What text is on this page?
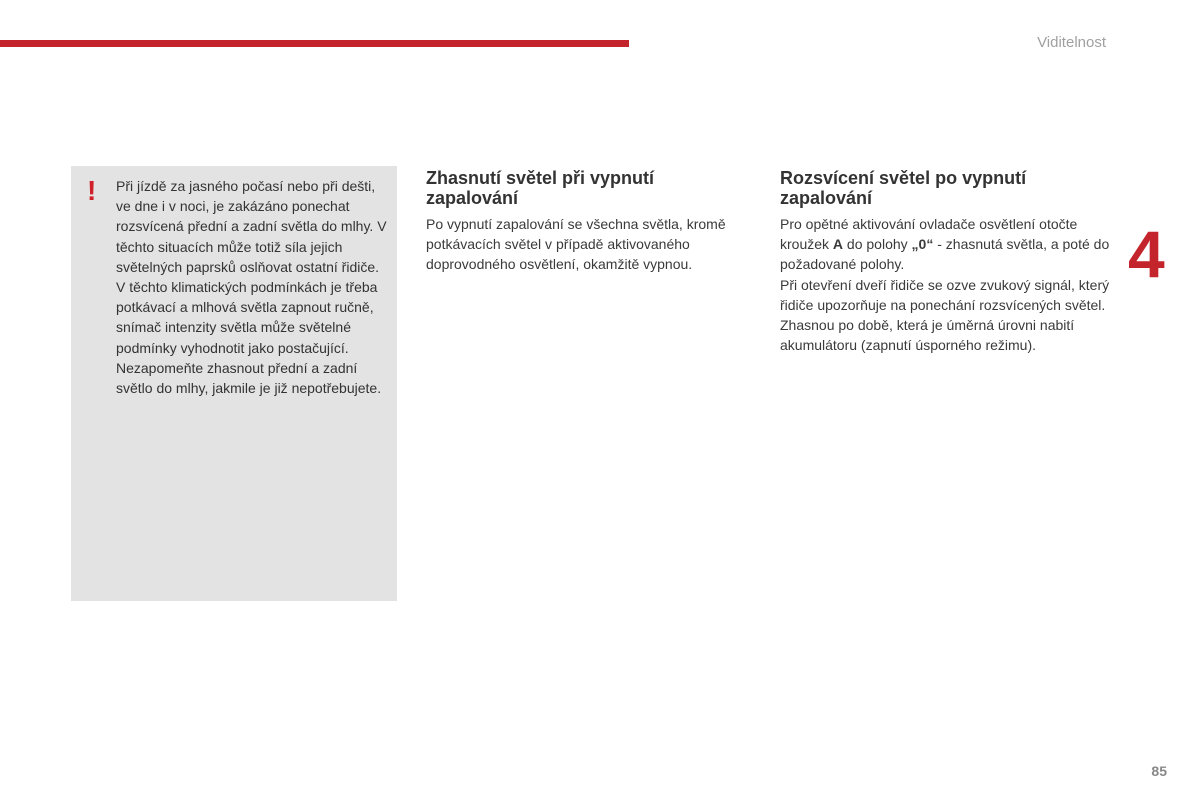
Viditelnost
! Při jízdě za jasného počasí nebo při dešti, ve dne i v noci, je zakázáno ponechat rozsvícená přední a zadní světla do mlhy. V těchto situacích může totiž síla jejich světelných paprsků oslňovat ostatní řidiče.

V těchto klimatických podmínkách je třeba potkávací a mlhová světla zapnout ručně, snímač intenzity světla může světelné podmínky vyhodnotit jako postačující.

Nezapomeňte zhasnout přední a zadní světlo do mlhy, jakmile je již nepotřebujete.

Zhasnutí světel při vypnutí zapalování

Po vypnutí zapalování se všechna světla, kromě potkávacích světel v případě aktivovaného doprovodného osvětlení, okamžitě vypnou.

Rozsvícení světel po vypnutí zapalování

Pro opětné aktivování ovladače osvětlení otočte kroužek A do polohy „0“ - zhasnutá světla, a poté do požadované polohy.

Při otevření dveří řidiče se ozve zvukový signál, který řidiče upozorňuje na ponechání rozsvícených světel.

Zhasnou po době, která je úměrná úrovni nabití akumulátoru (zapnutí úsporného režimu).

4
85
